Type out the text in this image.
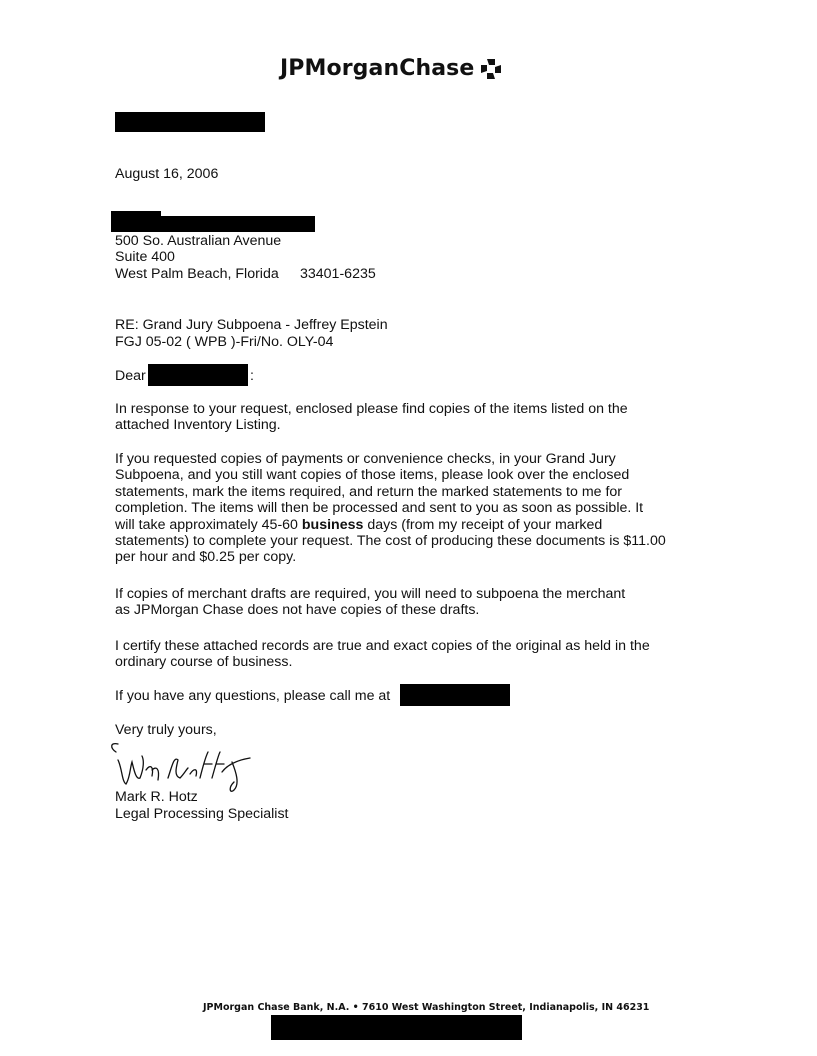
JPMorganChase
August 16, 2006
500 So. Australian Avenue
Suite 400
West Palm Beach, Florida 33401-6235
RE: Grand Jury Subpoena - Jeffrey Epstein
FGJ 05-02 ( WPB )-Fri/No. OLY-04
Dear	:
In response to your request, enclosed please find copies of the items listed on the
attached Inventory Listing.
If you requested copies of payments or convenience checks, in your Grand Jury
Subpoena, and you still want copies of those items, please look over the enclosed
statements, mark the items required, and return the marked statements to me for
completion. The items will then be processed and sent to you as soon as possible. It
will take approximately 45-60 business days (from my receipt of your marked
statements) to complete your request. The cost of producing these documents is $11.00
per hour and $0.25 per copy.
If copies of merchant drafts are required, you will need to subpoena the merchant
as JPMorgan Chase does not have copies of these drafts.
I certify these attached records are true and exact copies of the original as held in the
ordinary course of business.
If you have any questions, please call me at
Very truly yours,
Mark R. Hotz
Legal Processing Specialist
JPMorgan Chase Bank, N.A. • 7610 West Washington Street, Indianapolis, IN 46231
